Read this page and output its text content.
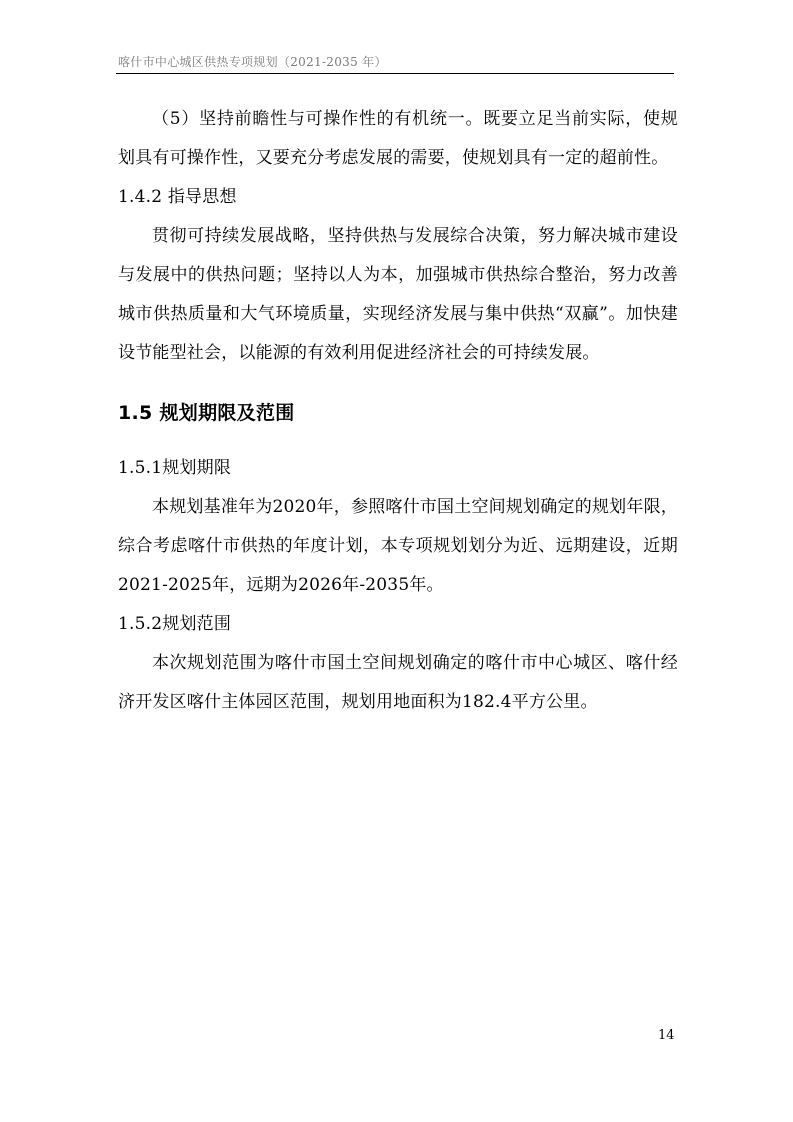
喀什市中心城区供热专项规划（2021-2035 年）

（5）坚持前瞻性与可操作性的有机统一。既要立足当前实际，使规划具有可操作性，又要充分考虑发展的需要，使规划具有一定的超前性。

1.4.2 指导思想

贯彻可持续发展战略，坚持供热与发展综合决策，努力解决城市建设与发展中的供热问题；坚持以人为本，加强城市供热综合整治，努力改善城市供热质量和大气环境质量，实现经济发展与集中供热“双赢”。加快建设节能型社会，以能源的有效利用促进经济社会的可持续发展。

1.5 规划期限及范围

1.5.1规划期限

本规划基准年为2020年，参照喀什市国土空间规划确定的规划年限，综合考虑喀什市供热的年度计划，本专项规划划分为近、远期建设，近期2021-2025年，远期为2026年-2035年。

1.5.2规划范围

本次规划范围为喀什市国土空间规划确定的喀什市中心城区、喀什经济开发区喀什主体园区范围，规划用地面积为182.4平方公里。

14
